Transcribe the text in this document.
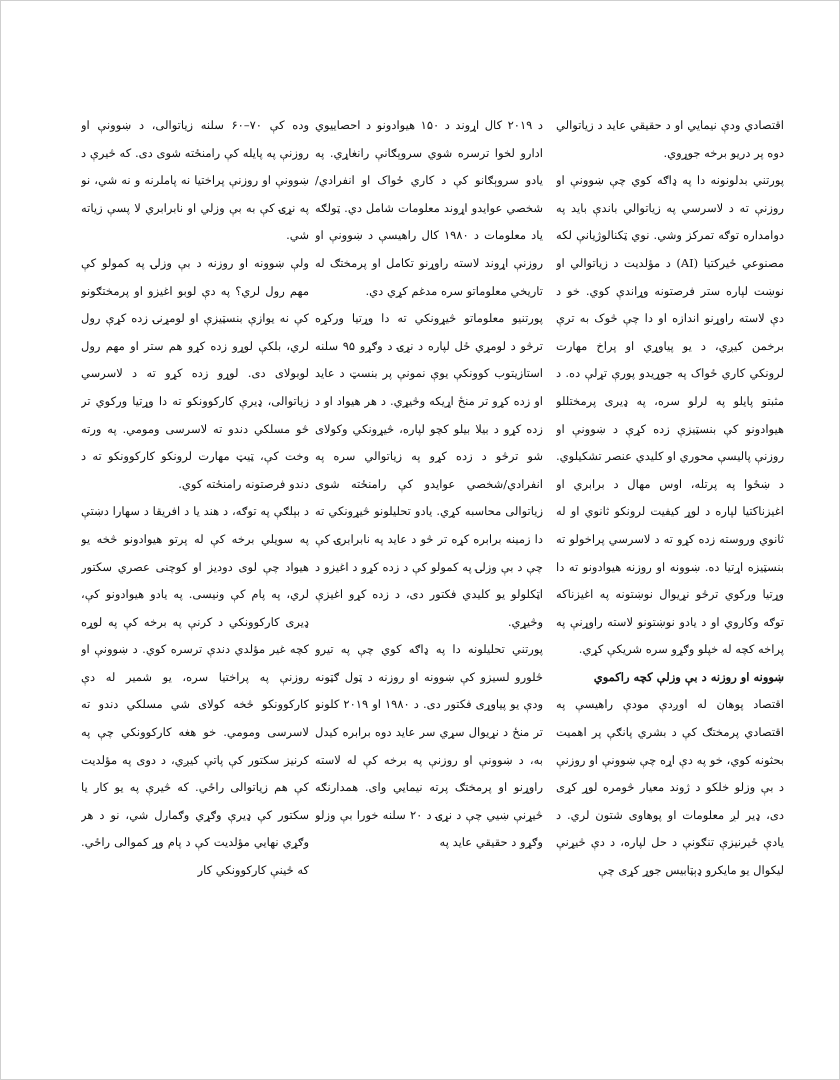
اقتصادي ودې نیمايي او د حقيقي عايد د زياتوالي دوه پر دريو برخه جوړوي.

پورتني بدلونونه دا په ډاګه کوي چې ښوونې او روزنې ته د لاسرسي په زیاتوالي باندې بايد په دوامداره توګه تمرکز وشي. نوي ټکنالوژيانې لکه مصنوعي ځيرکتيا (AI) د مؤلديت د زياتوالي او نوښت لپاره ستر فرصتونه وړاندې کوي. خو د دې لاسته راوړنو اندازه او دا چې څوک به ترې برخمن کیږي، د يو پیاوړي او پراخ مهارت لرونکي کاري ځواک په جوړيدو پورې تړلې ده. د مثبتو پایلو په لرلو سره، په ډیری پرمختللو هیوادونو کې بنسټيزې زده کړې د ښوونې او روزنې پالیسې محوري او کلیدي عنصر تشکیلوي. د ښځوا په پرتله، اوس مهال د برابري او اغیزناکتيا لپاره د لوړ کیفیت لرونکو ثانوي او له ثانوي وروسته زده کړو ته د لاسرسي پراخولو ته بنسټيزه اړتیا ده. ښوونه او روزنه هیوادونو ته دا وړتیا ورکوي ترڅو نړیوال نوښتونه په اغیزناکه توګه وکاروي او د يادو نوښتونو لاسته راوړنې په پراخه کچه له خپلو وګړو سره شریکې کړي.

ښوونه او روزنه د بې وزلې کچه راکموي

اقتصاد پوهان له اوږدې مودې راهیسې په اقتصادي پرمختګ کې د بشري پانګې پر اهميت بحثونه کوي، خو په دې اړه چې ښوونې او روزنې د بې وزلو خلکو د ژوند معیار څومره لوړ کړی دی، ډیر لږ معلومات او پوهاوی شتون لري. د یادې ځیرنيزې تنګونې د حل لپاره، د دې څیړنې لیکوال یو مایکرو ډېټابیس جوړ کړی چې

د ۲۰۱۹ کال اړوند د ۱۵۰ هیوادونو د احصاییوي ادارو لخوا ترسره شوي سروېګانې رانغاړي. په يادو سروېګانو کې د کاري ځواک او انفرادي/شخصي عوايدو اړوند معلومات شامل دي. ټولګه یاد معلومات د ۱۹۸۰ کال راهیسې د ښوونې او روزنې اړوند لاسته راوړنو تکامل او پرمختګ له تاريخي معلوماتو سره مدغم کړي دي.

پورتنیو معلوماتو څیړونکي ته دا وړتیا ورکړه ترڅو د لومړي ځل لپاره د نړۍ د وګړو ۹۵ سلنه استازيتوب کوونکې يوې نمونې پر بنسټ د عايد او زده کړو تر منځ اړيکه وڅیړي. د هر هیواد او د زده کړو د بیلا بیلو کچو لپاره، څیړونکي وکولای شو ترڅو د زده کړو په زیاتوالي سره په انفرادي/شخصي عوايدو کې رامنځته شوی زیاتوالی محاسبه کړي. یادو تحلیلونو څیړونکي ته دا زمینه برابره کړه تر څو د عايد په نابرابرۍ کې چې د بې وزلۍ په کمولو کې د زده کړو د اغیزو د اټکلولو یو کلیدي فکتور دی، د زده کړو اغیزې وڅیړي.

پورتني تحلیلونه دا په ډاګه کوي چې په تیرو څلورو لسیزو کې ښوونه او روزنه د ټول ګټونه ودې يو پیاوړی فکتور دی. د ۱۹۸۰ او ۲۰۱۹ کلونو تر منځ د نړیوال سړي سر عايد دوه برابره کیدل به، د ښوونې او روزنې په برخه کې له لاسته راوړنو او پرمختګ پرته نیمايي وای. همدارنګه څیړنې ښيي چې د نړۍ د ۲۰ سلنه خورا بې وزلو وګړو د حقيقي عايد په

وده کې ۷۰–۶۰ سلنه زیاتوالی، د ښوونې او روزنې په پایله کې رامنځته شوی دی. که څیرې د ښوونې او روزنې پراختیا نه پاملرنه و نه شي، نو په نړۍ کې به بې وزلي او نابرابري لا پسې زیاته شي.

ولې ښوونه او روزنه د بې وزلۍ په کمولو کې مهم رول لري؟ په دې لوبو اغیزو او پرمختګونو کې نه يوازې بنسټيزې او لومړنۍ زده کړې رول لري، بلکې لوړو زده کړو هم ستر او مهم رول لوبولای دی. لوړو زده کړو ته د لاسرسي زیاتوالی، ډیرې کارکوونکو ته دا وړتیا ورکوي تر څو مسلکي دندو ته لاسرسی ومومي. په ورته وخت کې، ټیټ مهارت لرونکو کارکوونکو ته د دندو فرصتونه رامنځته کوي.

د بېلګې په توګه، د هند یا د افریقا د سهارا دښتې په سویلي برخه کې له پرتو هیوادونو څخه یو هیواد چې لوی دودیز او کوچنی عصري سکتور لري، په پام کې ونیسی. په یادو هیوادونو کې، ډیری کارکوونکي د کرنې په برخه کې په لوړه کچه غیر مؤلدي دندې ترسره کوي. د ښوونې او روزنې په پراختیا سره، یو شمیر له دې کارکوونکو څخه کولای شي مسلکي دندو ته لاسرسی ومومي. خو هغه کارکوونکي چې په کرنیز سکتور کې پاتې کیږي، د دوی په مؤلديت کې هم زياتوالی راځي. که څیرې په یو کار یا سکتور کې ډيرې وګړي وګمارل شي، نو د هر وګړي نهايي مؤلديت کې د پام وړ کموالی راځي. که څينې کارکوونکي کار
